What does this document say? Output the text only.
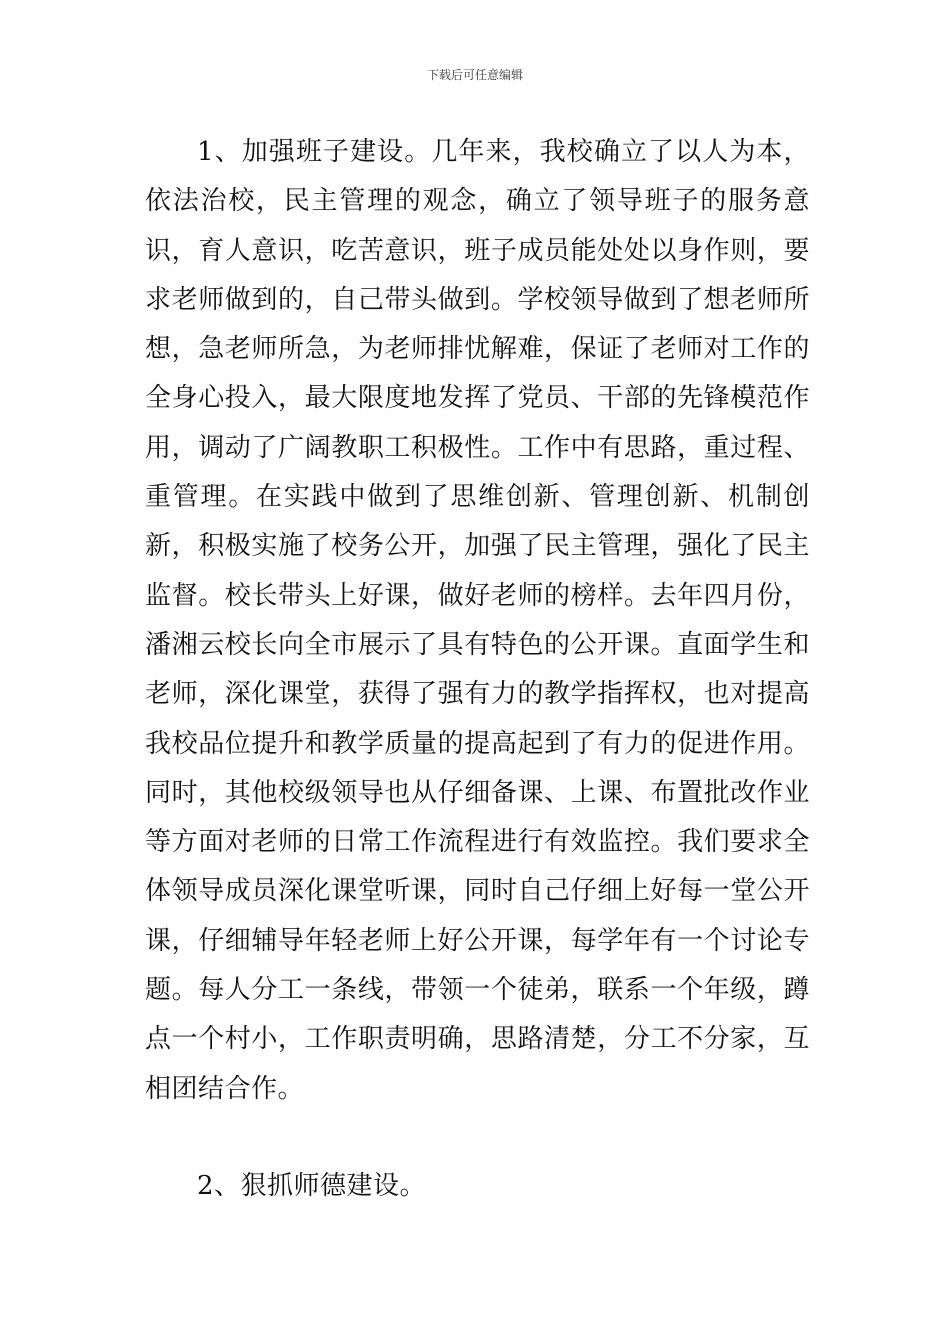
下载后可任意编辑

1、加强班子建设。几年来，我校确立了以人为本，依法治校，民主管理的观念，确立了领导班子的服务意识，育人意识，吃苦意识，班子成员能处处以身作则，要求老师做到的，自己带头做到。学校领导做到了想老师所想，急老师所急，为老师排忧解难，保证了老师对工作的全身心投入，最大限度地发挥了党员、干部的先锋模范作用，调动了广阔教职工积极性。工作中有思路，重过程、重管理。在实践中做到了思维创新、管理创新、机制创新，积极实施了校务公开，加强了民主管理，强化了民主监督。校长带头上好课，做好老师的榜样。去年四月份，潘湘云校长向全市展示了具有特色的公开课。直面学生和老师，深化课堂，获得了强有力的教学指挥权，也对提高我校品位提升和教学质量的提高起到了有力的促进作用。同时，其他校级领导也从仔细备课、上课、布置批改作业等方面对老师的日常工作流程进行有效监控。我们要求全体领导成员深化课堂听课，同时自己仔细上好每一堂公开课，仔细辅导年轻老师上好公开课，每学年有一个讨论专题。每人分工一条线，带领一个徒弟，联系一个年级，蹲点一个村小，工作职责明确，思路清楚，分工不分家，互相团结合作。

2、狠抓师德建设。
